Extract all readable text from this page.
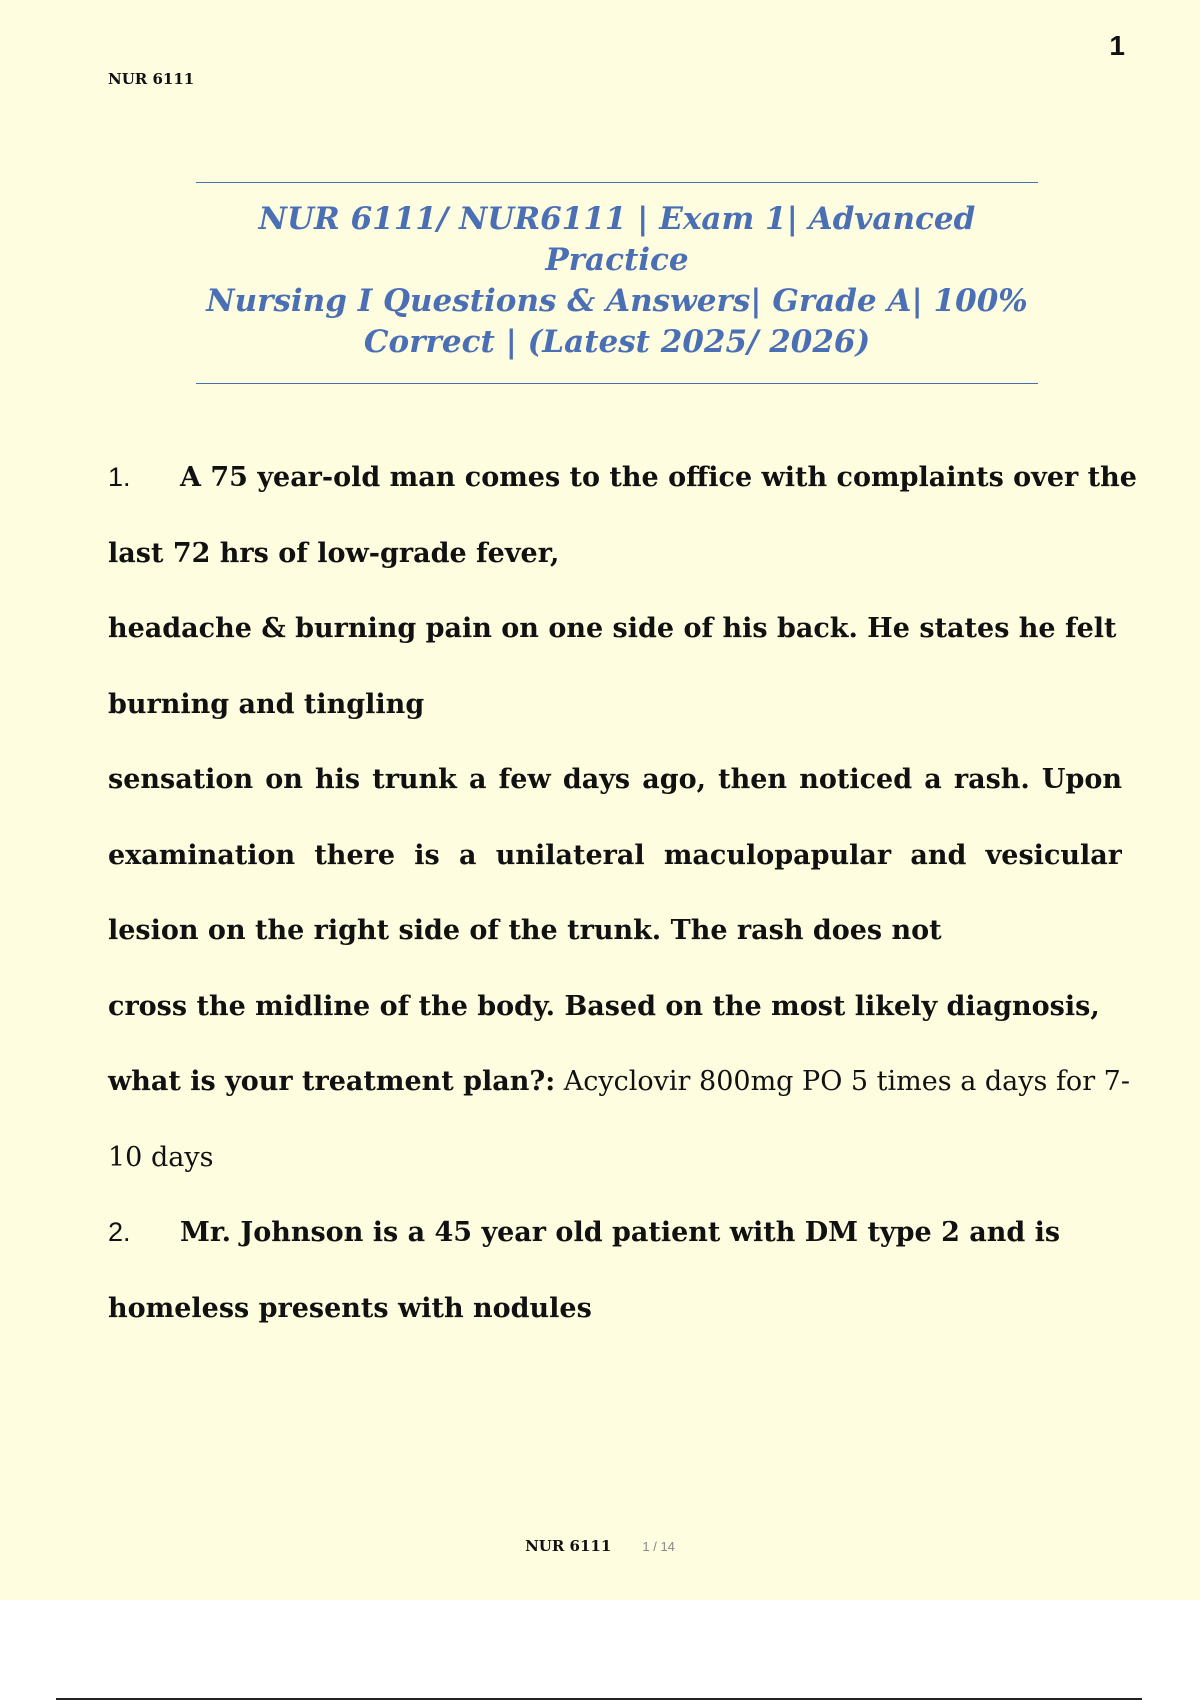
1
NUR 6111

NUR 6111/ NUR6111 | Exam 1| Advanced Practice
Nursing I Questions & Answers| Grade A| 100%
Correct | (Latest 2025/ 2026)

1. A 75 year-old man comes to the office with complaints over the
last 72 hrs of low-grade fever,
headache & burning pain on one side of his back. He states he felt
burning and tingling
sensation on his trunk a few days ago, then noticed a rash. Upon
examination there is a unilateral maculopapular and vesicular
lesion on the right side of the trunk. The rash does not
cross the midline of the body. Based on the most likely diagnosis,
what is your treatment plan?: Acyclovir 800mg PO 5 times a days for 7-
10 days
2. Mr. Johnson is a 45 year old patient with DM type 2 and is
homeless presents with nodules
NUR 6111 1 / 14
